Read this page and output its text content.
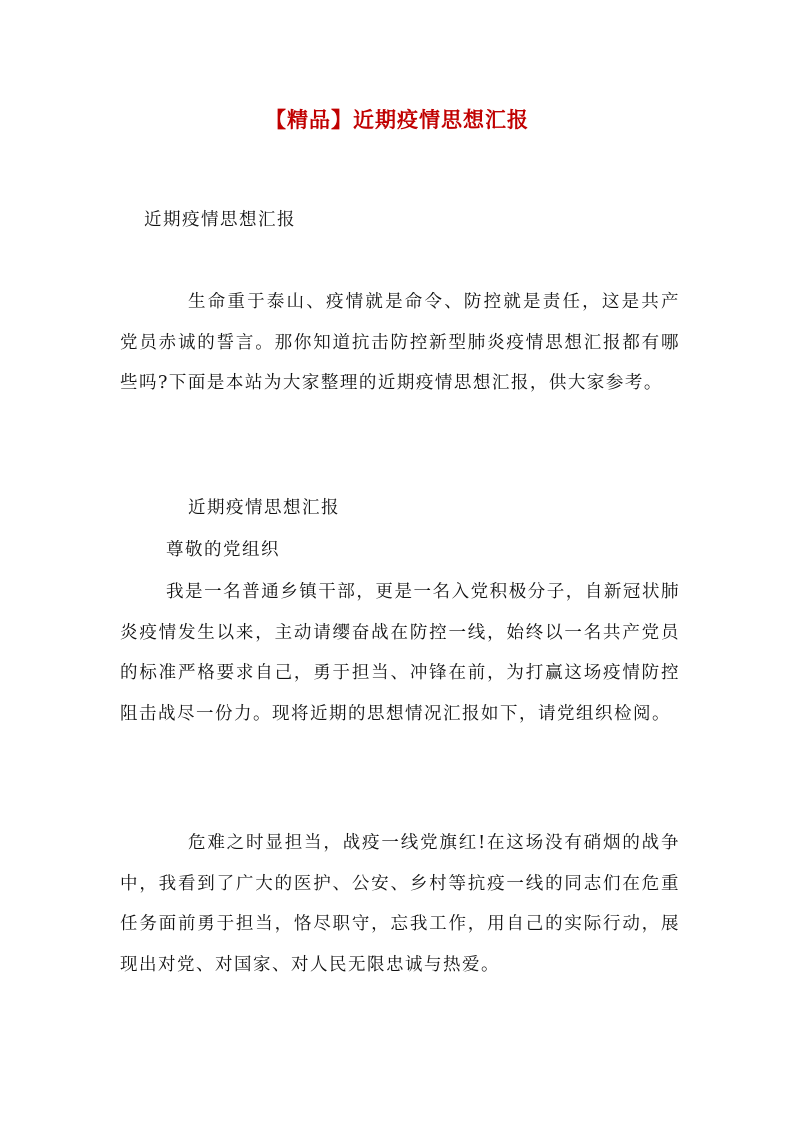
【精品】近期疫情思想汇报

近期疫情思想汇报

生命重于泰山、疫情就是命令、防控就是责任，这是共产党员赤诚的誓言。那你知道抗击防控新型肺炎疫情思想汇报都有哪些吗?下面是本站为大家整理的近期疫情思想汇报，供大家参考。

近期疫情思想汇报

尊敬的党组织

我是一名普通乡镇干部，更是一名入党积极分子，自新冠状肺炎疫情发生以来，主动请缨奋战在防控一线，始终以一名共产党员的标准严格要求自己，勇于担当、冲锋在前，为打赢这场疫情防控阻击战尽一份力。现将近期的思想情况汇报如下，请党组织检阅。

危难之时显担当，战疫一线党旗红!在这场没有硝烟的战争中，我看到了广大的医护、公安、乡村等抗疫一线的同志们在危重任务面前勇于担当，恪尽职守，忘我工作，用自己的实际行动，展现出对党、对国家、对人民无限忠诚与热爱。
